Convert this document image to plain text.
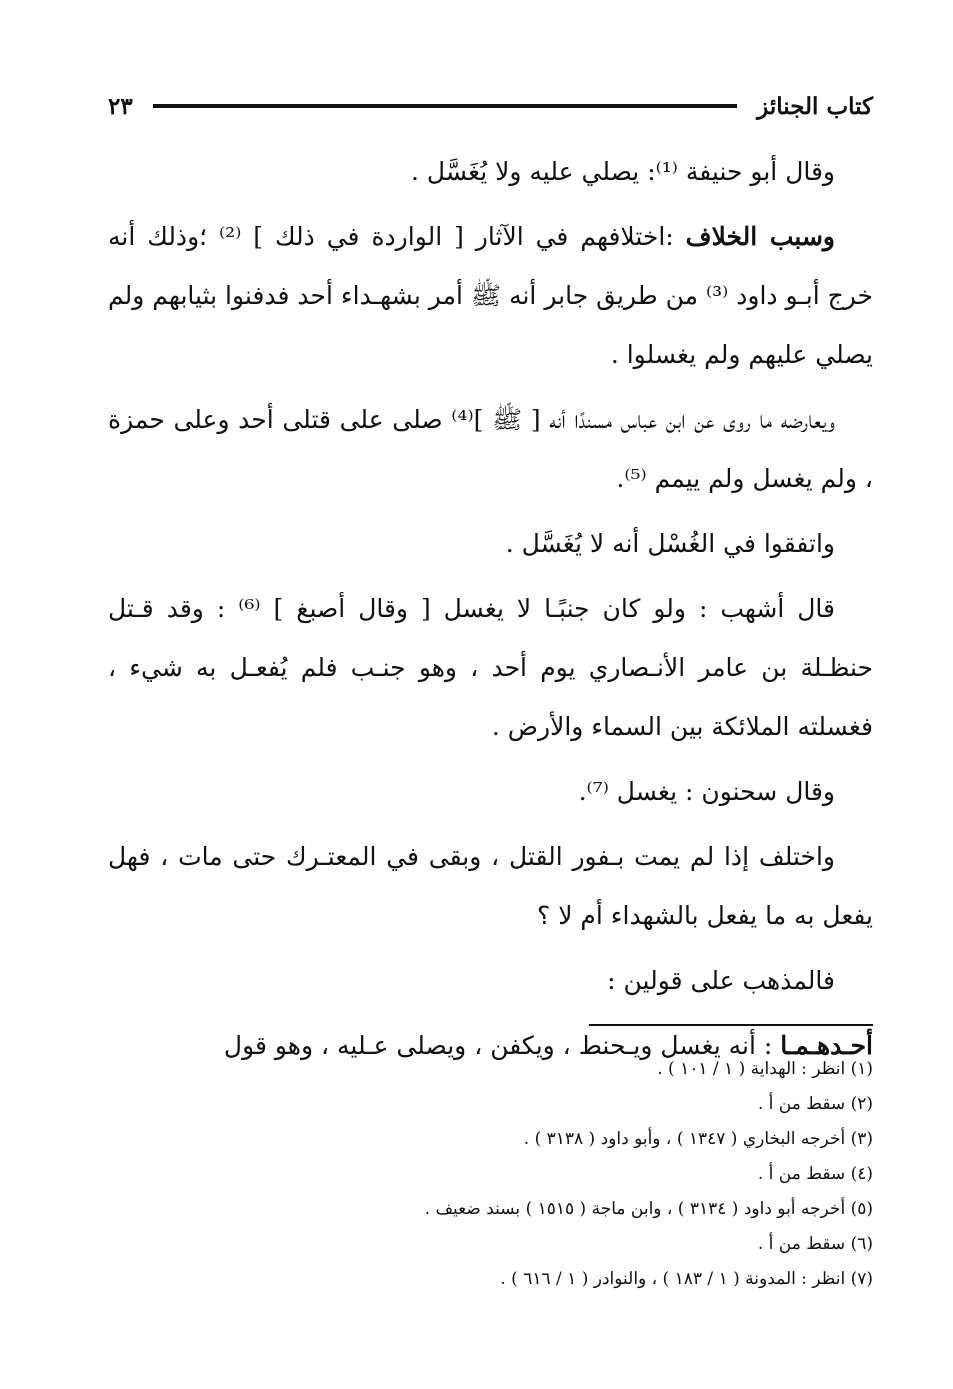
كتاب الجنائز
٢٣

وقال أبو حنيفة ⁽¹⁾: يصلي عليه ولا يُغَسَّل .

وسبب الخلاف :اختلافهم في الآثار [ الواردة في ذلك ] ⁽²⁾ ؛وذلك أنه خرج أبـو داود ⁽³⁾ من طريق جابر أنه ﷺ أمر بشهـداء أحد فدفنوا بثيابهم ولم يصلي عليهم ولم يغسلوا .

ويعارضه ما روى عن ابن عباس مسندًا أنه [ ﷺ ]⁽⁴⁾ صلى على قتلى أحد وعلى حمزة ، ولم يغسل ولم ييمم ⁽⁵⁾.

واتفقوا في الغُسْل أنه لا يُغَسَّل .

قال أشهب : ولو كان جنبًـا لا يغسل [ وقال أصبغ ] ⁽⁶⁾ : وقد قـتل حنظـلة بن عامر الأنـصاري يوم أحد ، وهو جنـب فلم يُفعـل به شيء ، فغسلته الملائكة بين السماء والأرض .

وقال سحنون : يغسل ⁽⁷⁾.

واختلف إذا لم يمت بـفور القتل ، وبقى في المعتـرك حتى مات ، فهل يفعل به ما يفعل بالشهداء أم لا ؟

فالمذهب على قولين :

أحـدهـمـا : أنه يغسل ويـحنط ، ويكفن ، ويصلى عـليه ، وهو قول

(١) انظر : الهداية ( ١ / ١٠١ ) .
(٢) سقط من أ .
(٣) أخرجه البخاري ( ١٣٤٧ ) ، وأبو داود ( ٣١٣٨ ) .
(٤) سقط من أ .
(٥) أخرجه أبو داود ( ٣١٣٤ ) ، وابن ماجة ( ١٥١٥ ) بسند ضعيف .
(٦) سقط من أ .
(٧) انظر : المدونة ( ١ / ١٨٣ ) ، والنوادر ( ١ / ٦١٦ ) .
